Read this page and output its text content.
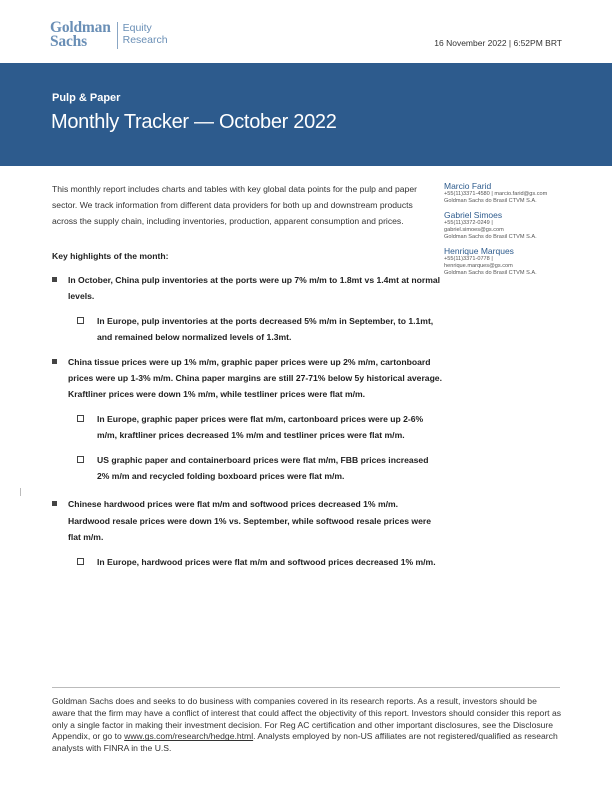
Goldman
Sachs
Equity
Research	16 November 2022 | 6:52PM BRT
Pulp & Paper
Monthly Tracker — October 2022
This monthly report includes charts and tables with key global data points for the pulp and paper sector. We track information from different data providers for both up and downstream products across the supply chain, including inventories, production, apparent consumption and prices.
Key highlights of the month:
In October, China pulp inventories at the ports were up 7% m/m to 1.8mt vs 1.4mt at normal levels.
In Europe, pulp inventories at the ports decreased 5% m/m in September, to 1.1mt, and remained below normalized levels of 1.3mt.
China tissue prices were up 1% m/m, graphic paper prices were up 2% m/m, cartonboard prices were up 1-3% m/m. China paper margins are still 27-71% below 5y historical average. Kraftliner prices were down 1% m/m, while testliner prices were flat m/m.
In Europe, graphic paper prices were flat m/m, cartonboard prices were up 2-6% m/m, kraftliner prices decreased 1% m/m and testliner prices were flat m/m.
US graphic paper and containerboard prices were flat m/m, FBB prices increased 2% m/m and recycled folding boxboard prices were flat m/m.
Chinese hardwood prices were flat m/m and softwood prices decreased 1% m/m. Hardwood resale prices were down 1% vs. September, while softwood resale prices were flat m/m.
In Europe, hardwood prices were flat m/m and softwood prices decreased 1% m/m.
Marcio Farid
+55(11)3371-4580 | marcio.farid@gs.com
Goldman Sachs do Brasil CTVM S.A.
Gabriel Simoes
+55(11)3372-0249 |
gabriel.simoes@gs.com
Goldman Sachs do Brasil CTVM S.A.
Henrique Marques
+55(11)3371-0778 |
henrique.marques@gs.com
Goldman Sachs do Brasil CTVM S.A.
Goldman Sachs does and seeks to do business with companies covered in its research reports. As a result, investors should be aware that the firm may have a conflict of interest that could affect the objectivity of this report. Investors should consider this report as only a single factor in making their investment decision. For Reg AC certification and other important disclosures, see the Disclosure Appendix, or go to www.gs.com/research/hedge.html. Analysts employed by non-US affiliates are not registered/qualified as research analysts with FINRA in the U.S.
